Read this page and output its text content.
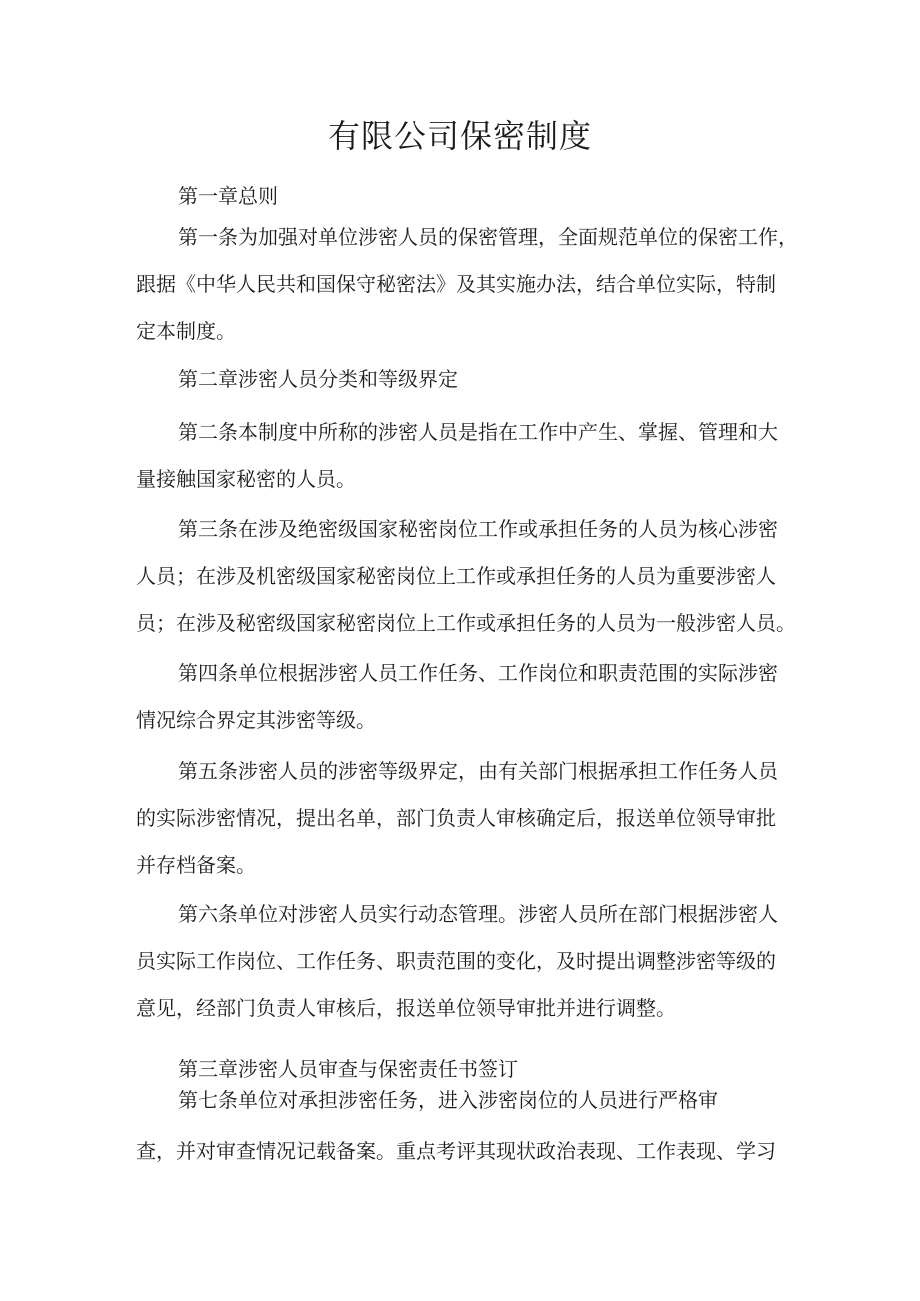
有限公司保密制度
第一章总则
第一条为加强对单位涉密人员的保密管理，全面规范单位的保密工作，
跟据《中华人民共和国保守秘密法》及其实施办法，结合单位实际，特制
定本制度。
第二章涉密人员分类和等级界定
第二条本制度中所称的涉密人员是指在工作中产生、掌握、管理和大
量接触国家秘密的人员。
第三条在涉及绝密级国家秘密岗位工作或承担任务的人员为核心涉密
人员；在涉及机密级国家秘密岗位上工作或承担任务的人员为重要涉密人
员；在涉及秘密级国家秘密岗位上工作或承担任务的人员为一般涉密人员。
第四条单位根据涉密人员工作任务、工作岗位和职责范围的实际涉密
情况综合界定其涉密等级。
第五条涉密人员的涉密等级界定，由有关部门根据承担工作任务人员
的实际涉密情况，提出名单，部门负责人审核确定后，报送单位领导审批
并存档备案。
第六条单位对涉密人员实行动态管理。涉密人员所在部门根据涉密人
员实际工作岗位、工作任务、职责范围的变化，及时提出调整涉密等级的
意见，经部门负责人审核后，报送单位领导审批并进行调整。
第三章涉密人员审查与保密责任书签订
第七条单位对承担涉密任务，进入涉密岗位的人员进行严格审
查，并对审查情况记载备案。重点考评其现状政治表现、工作表现、学习
